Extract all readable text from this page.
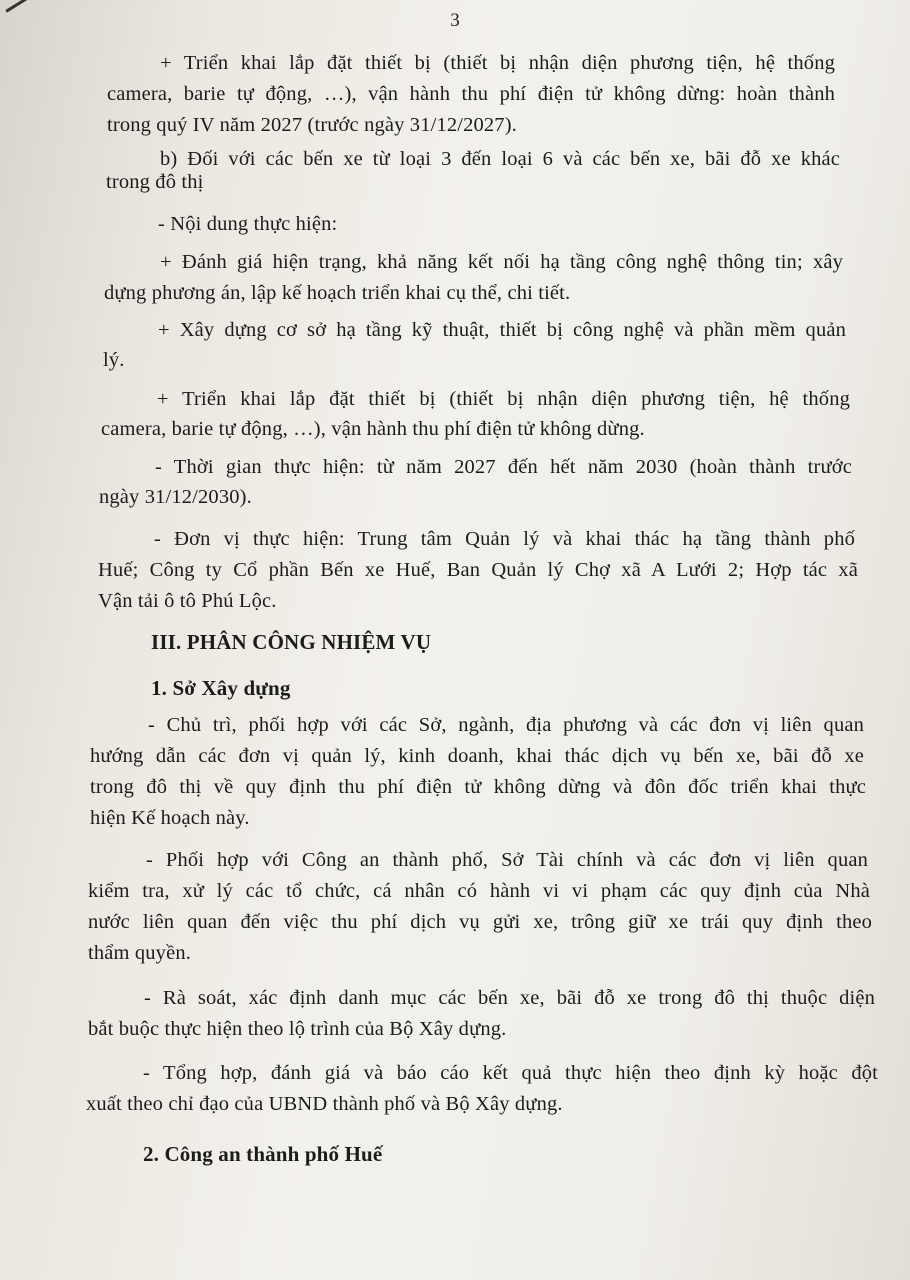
3
+ Triển khai lắp đặt thiết bị (thiết bị nhận diện phương tiện, hệ thống
camera, barie tự động, …), vận hành thu phí điện tử không dừng: hoàn thành
trong quý IV năm 2027 (trước ngày 31/12/2027).
b) Đối với các bến xe từ loại 3 đến loại 6 và các bến xe, bãi đỗ xe khác
trong đô thị
- Nội dung thực hiện:
+ Đánh giá hiện trạng, khả năng kết nối hạ tầng công nghệ thông tin; xây
dựng phương án, lập kế hoạch triển khai cụ thể, chi tiết.
+ Xây dựng cơ sở hạ tầng kỹ thuật, thiết bị công nghệ và phần mềm quản
lý.
+ Triển khai lắp đặt thiết bị (thiết bị nhận diện phương tiện, hệ thống
camera, barie tự động, …), vận hành thu phí điện tử không dừng.
- Thời gian thực hiện: từ năm 2027 đến hết năm 2030 (hoàn thành trước
ngày 31/12/2030).
- Đơn vị thực hiện: Trung tâm Quản lý và khai thác hạ tầng thành phố
Huế; Công ty Cổ phần Bến xe Huế, Ban Quản lý Chợ xã A Lưới 2; Hợp tác xã
Vận tải ô tô Phú Lộc.
III. PHÂN CÔNG NHIỆM VỤ
1. Sở Xây dựng
- Chủ trì, phối hợp với các Sở, ngành, địa phương và các đơn vị liên quan
hướng dẫn các đơn vị quản lý, kinh doanh, khai thác dịch vụ bến xe, bãi đỗ xe
trong đô thị về quy định thu phí điện tử không dừng và đôn đốc triển khai thực
hiện Kế hoạch này.
- Phối hợp với Công an thành phố, Sở Tài chính và các đơn vị liên quan
kiểm tra, xử lý các tổ chức, cá nhân có hành vi vi phạm các quy định của Nhà
nước liên quan đến việc thu phí dịch vụ gửi xe, trông giữ xe trái quy định theo
thẩm quyền.
- Rà soát, xác định danh mục các bến xe, bãi đỗ xe trong đô thị thuộc diện
bắt buộc thực hiện theo lộ trình của Bộ Xây dựng.
- Tổng hợp, đánh giá và báo cáo kết quả thực hiện theo định kỳ hoặc đột
xuất theo chỉ đạo của UBND thành phố và Bộ Xây dựng.
2. Công an thành phố Huế
